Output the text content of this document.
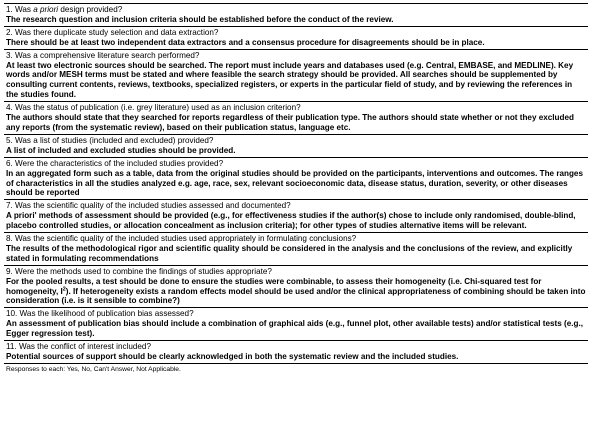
1. Was a priori design provided?
The research question and inclusion criteria should be established before the conduct of the review.
2. Was there duplicate study selection and data extraction?
There should be at least two independent data extractors and a consensus procedure for disagreements should be in place.
3. Was a comprehensive literature search performed?
At least two electronic sources should be searched. The report must include years and databases used (e.g. Central, EMBASE, and MEDLINE). Key words and/or MESH terms must be stated and where feasible the search strategy should be provided. All searches should be supplemented by consulting current contents, reviews, textbooks, specialized registers, or experts in the particular field of study, and by reviewing the references in the studies found.
4. Was the status of publication (i.e. grey literature) used as an inclusion criterion?
The authors should state that they searched for reports regardless of their publication type. The authors should state whether or not they excluded any reports (from the systematic review), based on their publication status, language etc.
5. Was a list of studies (included and excluded) provided?
A list of included and excluded studies should be provided.
6. Were the characteristics of the included studies provided?
In an aggregated form such as a table, data from the original studies should be provided on the participants, interventions and outcomes. The ranges of characteristics in all the studies analyzed e.g. age, race, sex, relevant socioeconomic data, disease status, duration, severity, or other diseases should be reported
7. Was the scientific quality of the included studies assessed and documented?
A priori' methods of assessment should be provided (e.g., for effectiveness studies if the author(s) chose to include only randomised, double-blind, placebo controlled studies, or allocation concealment as inclusion criteria); for other types of studies alternative items will be relevant.
8. Was the scientific quality of the included studies used appropriately in formulating conclusions?
The results of the methodological rigor and scientific quality should be considered in the analysis and the conclusions of the review, and explicitly stated in formulating recommendations
9. Were the methods used to combine the findings of studies appropriate?
For the pooled results, a test should be done to ensure the studies were combinable, to assess their homogeneity (i.e. Chi-squared test for homogeneity, $I^2$). If heterogeneity exists a random effects model should be used and/or the clinical appropriateness of combining should be taken into consideration (i.e. is it sensible to combine?)
10. Was the likelihood of publication bias assessed?
An assessment of publication bias should include a combination of graphical aids (e.g., funnel plot, other available tests) and/or statistical tests (e.g., Egger regression test).
11. Was the conflict of interest included?
Potential sources of support should be clearly acknowledged in both the systematic review and the included studies.
Responses to each: Yes, No, Can't Answer, Not Applicable.
